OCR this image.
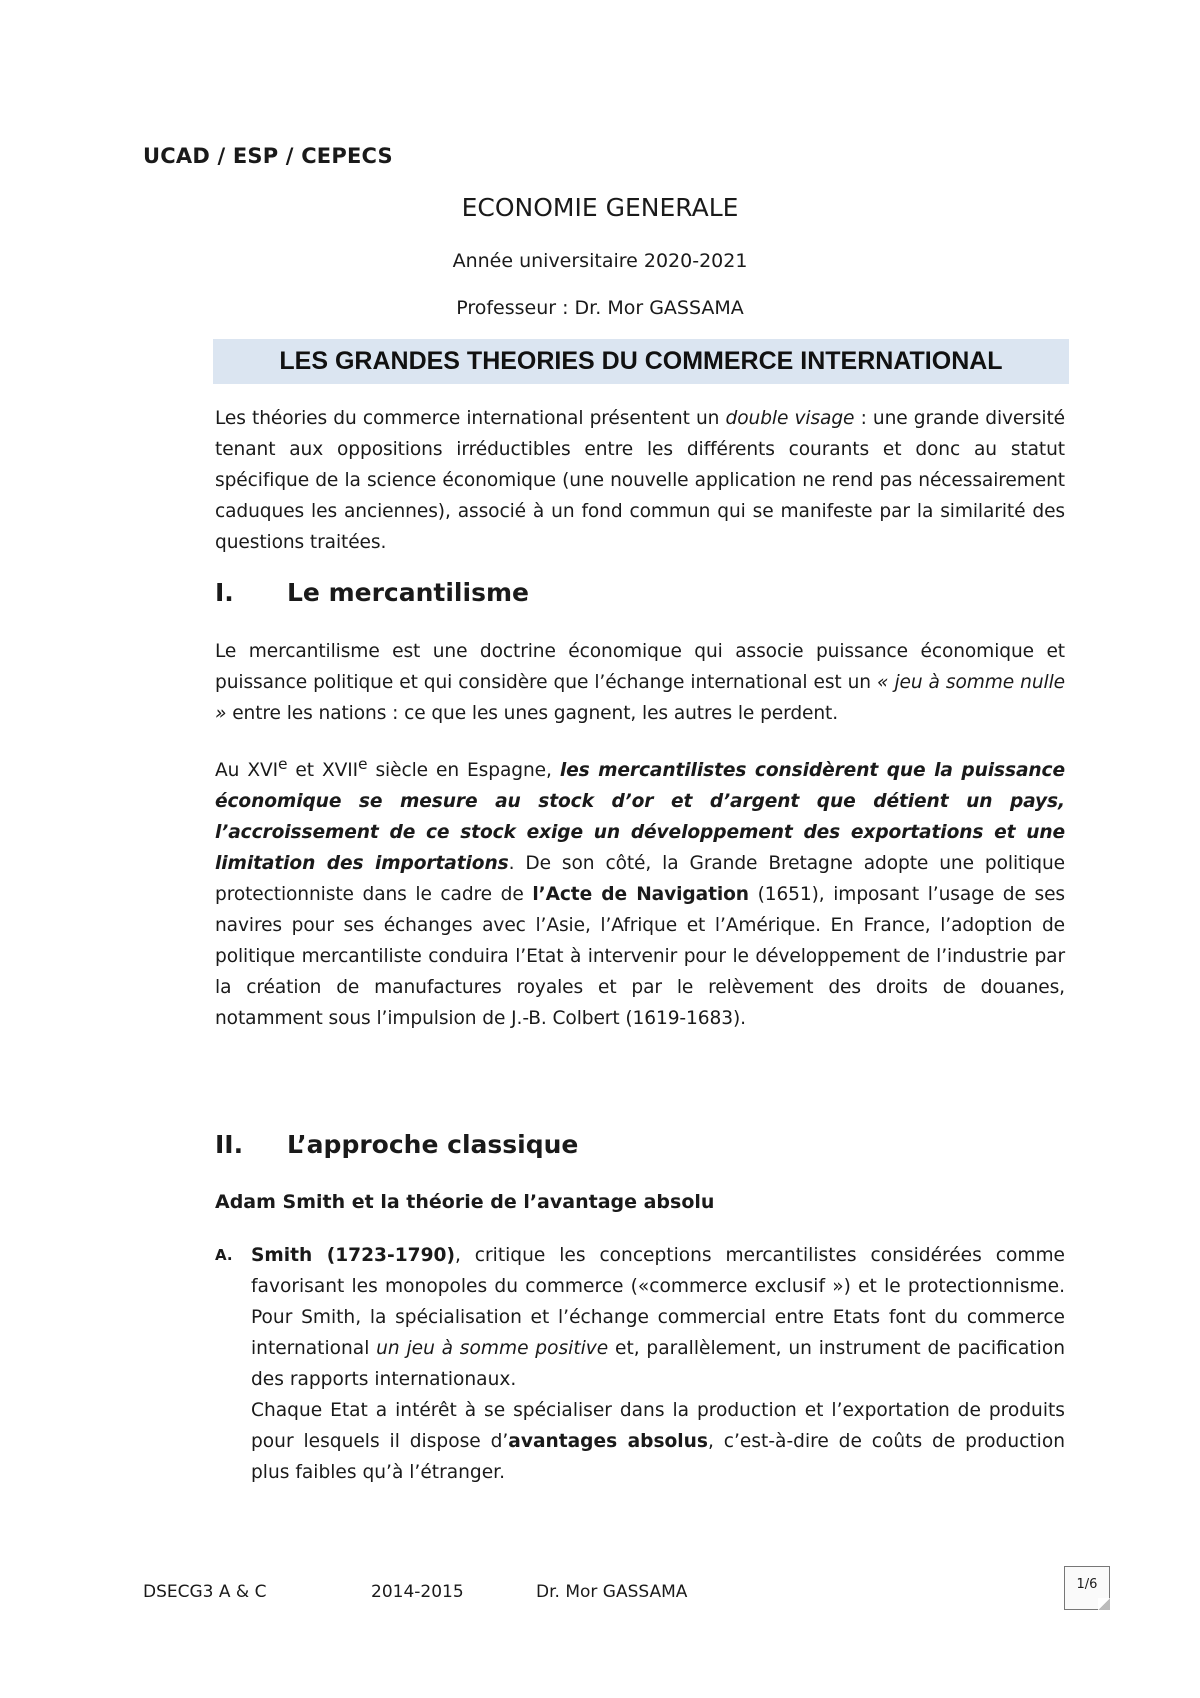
UCAD / ESP / CEPECS
ECONOMIE GENERALE
Année universitaire 2020-2021
Professeur : Dr. Mor GASSAMA
LES GRANDES THEORIES DU COMMERCE INTERNATIONAL
Les théories du commerce international présentent un double visage : une grande diversité tenant aux oppositions irréductibles entre les différents courants et donc au statut spécifique de la science économique (une nouvelle application ne rend pas nécessairement caduques les anciennes), associé à un fond commun qui se manifeste par la similarité des questions traitées.
I. Le mercantilisme
Le mercantilisme est une doctrine économique qui associe puissance économique et puissance politique et qui considère que l’échange international est un « jeu à somme nulle » entre les nations : ce que les unes gagnent, les autres le perdent.
Au XVIe et XVIIe siècle en Espagne, les mercantilistes considèrent que la puissance économique se mesure au stock d’or et d’argent que détient un pays, l’accroissement de ce stock exige un développement des exportations et une limitation des importations. De son côté, la Grande Bretagne adopte une politique protectionniste dans le cadre de l’Acte de Navigation (1651), imposant l’usage de ses navires pour ses échanges avec l’Asie, l’Afrique et l’Amérique. En France, l’adoption de politique mercantiliste conduira l’Etat à intervenir pour le développement de l’industrie par la création de manufactures royales et par le relèvement des droits de douanes, notamment sous l’impulsion de J.-B. Colbert (1619-1683).
II. L’approche classique
Adam Smith et la théorie de l’avantage absolu
A. Smith (1723-1790), critique les conceptions mercantilistes considérées comme favorisant les monopoles du commerce («commerce exclusif ») et le protectionnisme. Pour Smith, la spécialisation et l’échange commercial entre Etats font du commerce international un jeu à somme positive et, parallèlement, un instrument de pacification des rapports internationaux.

Chaque Etat a intérêt à se spécialiser dans la production et l’exportation de produits pour lesquels il dispose d’avantages absolus, c’est-à-dire de coûts de production plus faibles qu’à l’étranger.

DSECG3 A & C	2014-2015	Dr. Mor GASSAMA	1/6
